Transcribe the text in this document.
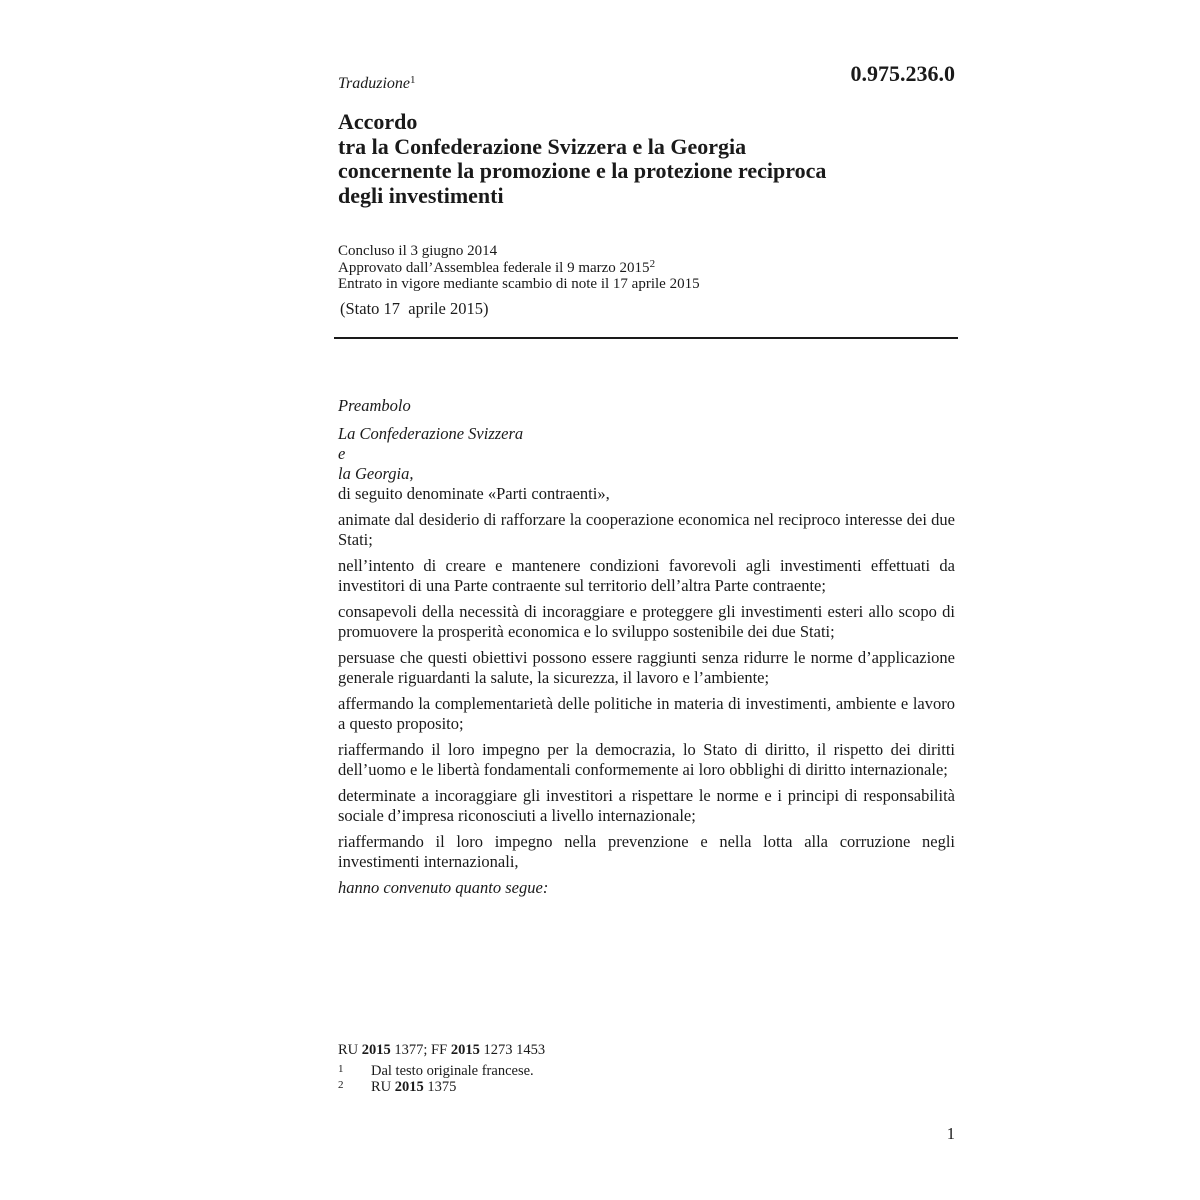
0.975.236.0
Traduzione$^1$
Accordo
tra la Confederazione Svizzera e la Georgia
concernente la promozione e la protezione reciproca
degli investimenti
Concluso il 3 giugno 2014
Approvato dall’Assemblea federale il 9 marzo 2015$^2$
Entrato in vigore mediante scambio di note il 17 aprile 2015
(Stato 17  aprile 2015)

Preambolo

La Confederazione Svizzera
e
la Georgia,
di seguito denominate «Parti contraenti»,

animate dal desiderio di rafforzare la cooperazione economica nel reciproco interesse dei due Stati;

nell’intento di creare e mantenere condizioni favorevoli agli investimenti effettuati da investitori di una Parte contraente sul territorio dell’altra Parte contraente;

consapevoli della necessità di incoraggiare e proteggere gli investimenti esteri allo scopo di promuovere la prosperità economica e lo sviluppo sostenibile dei due Stati;

persuase che questi obiettivi possono essere raggiunti senza ridurre le norme d’applicazione generale riguardanti la salute, la sicurezza, il lavoro e l’ambiente;

affermando la complementarietà delle politiche in materia di investimenti, ambiente e lavoro a questo proposito;

riaffermando il loro impegno per la democrazia, lo Stato di diritto, il rispetto dei diritti dell’uomo e le libertà fondamentali conformemente ai loro obblighi di diritto internazionale;

determinate a incoraggiare gli investitori a rispettare le norme e i principi di responsabilità sociale d’impresa riconosciuti a livello internazionale;

riaffermando il loro impegno nella prevenzione e nella lotta alla corruzione negli investimenti internazionali,

hanno convenuto quanto segue:

RU 2015 1377; FF 2015 1273 1453
1 Dal testo originale francese.
2 RU 2015 1375
1
